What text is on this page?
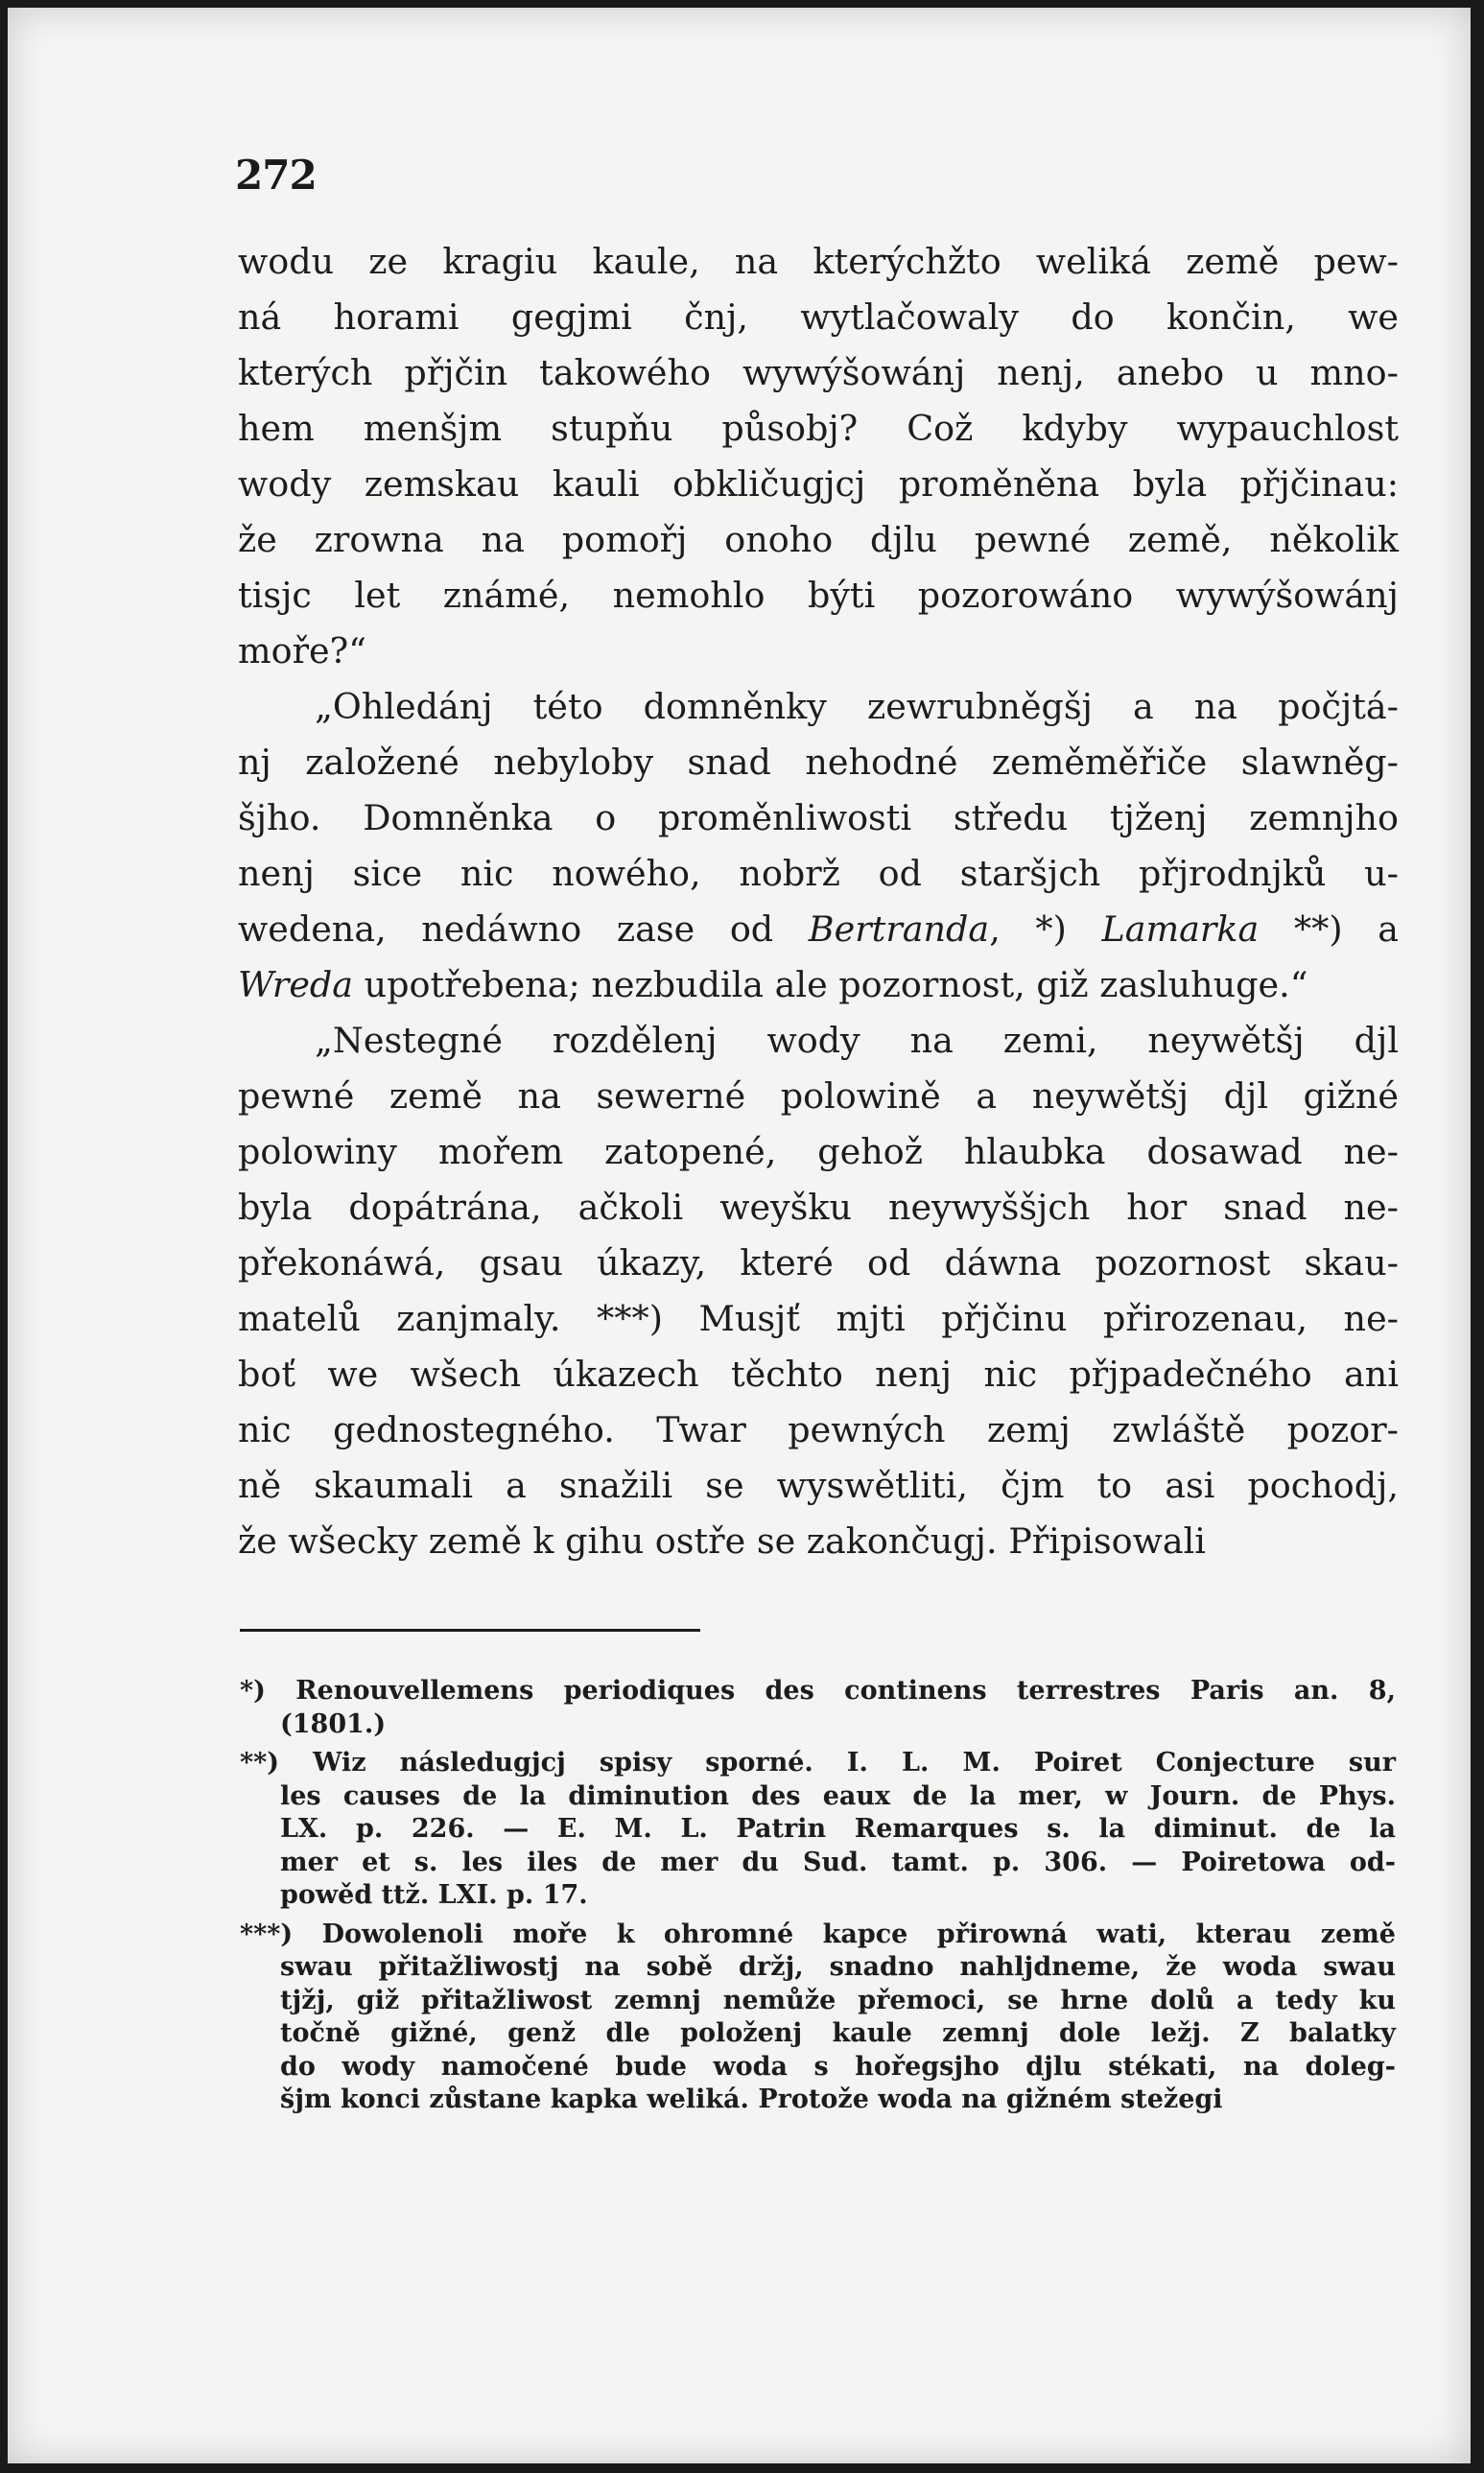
272
wodu ze kragiu kaule, na kterýchžto weliká země pew-
ná horami gegjmi čnj, wytlačowaly do končin, we
kterých přjčin takowého wywýšowánj nenj, anebo u mno-
hem menšjm stupňu působj? Což kdyby wypauchlost
wody zemskau kauli obkličugjcj proměněna byla přjčinau:
že zrowna na pomořj onoho djlu pewné země, několik
tisjc let známé, nemohlo býti pozorowáno wywýšowánj
moře?“
„Ohledánj této domněnky zewrubněgšj a na počjtá-
nj založené nebyloby snad nehodné zeměměřiče slawněg-
šjho. Domněnka o proměnliwosti středu tjženj zemnjho
nenj sice nic nowého, nobrž od staršjch přjrodnjků u-
wedena, nedáwno zase od Bertranda, *) Lamarka **) a
Wreda upotřebena; nezbudila ale pozornost, giž zasluhuge.“
„Nestegné rozdělenj wody na zemi, neywětšj djl
pewné země na sewerné polowině a neywětšj djl gižné
polowiny mořem zatopené, gehož hlaubka dosawad ne-
byla dopátrána, ačkoli weyšku neywyššjch hor snad ne-
překonáwá, gsau úkazy, které od dáwna pozornost skau-
matelů zanjmaly. ***) Musjť mjti přjčinu přirozenau, ne-
boť we wšech úkazech těchto nenj nic přjpadečného ani
nic gednostegného. Twar pewných zemj zwláště pozor-
ně skaumali a snažili se wyswětliti, čjm to asi pochodj,
že wšecky země k gihu ostře se zakončugj. Připisowali
*) Renouvellemens periodiques des continens terrestres Paris an. 8,
(1801.)
**) Wiz následugjcj spisy sporné. I. L. M. Poiret Conjecture sur
les causes de la diminution des eaux de la mer, w Journ. de Phys.
LX. p. 226. — E. M. L. Patrin Remarques s. la diminut. de la
mer et s. les iles de mer du Sud. tamt. p. 306. — Poiretowa od-
powěd ttž. LXI. p. 17.
***) Dowolenoli moře k ohromné kapce přirowná wati, kterau země
swau přitažliwostj na sobě držj, snadno nahljdneme, že woda swau
tjžj, giž přitažliwost zemnj nemůže přemoci, se hrne dolů a tedy ku
točně gižné, genž dle položenj kaule zemnj dole ležj. Z balatky
do wody namočené bude woda s hořegsjho djlu stékati, na doleg-
šjm konci zůstane kapka weliká. Protože woda na gižném stežegi
